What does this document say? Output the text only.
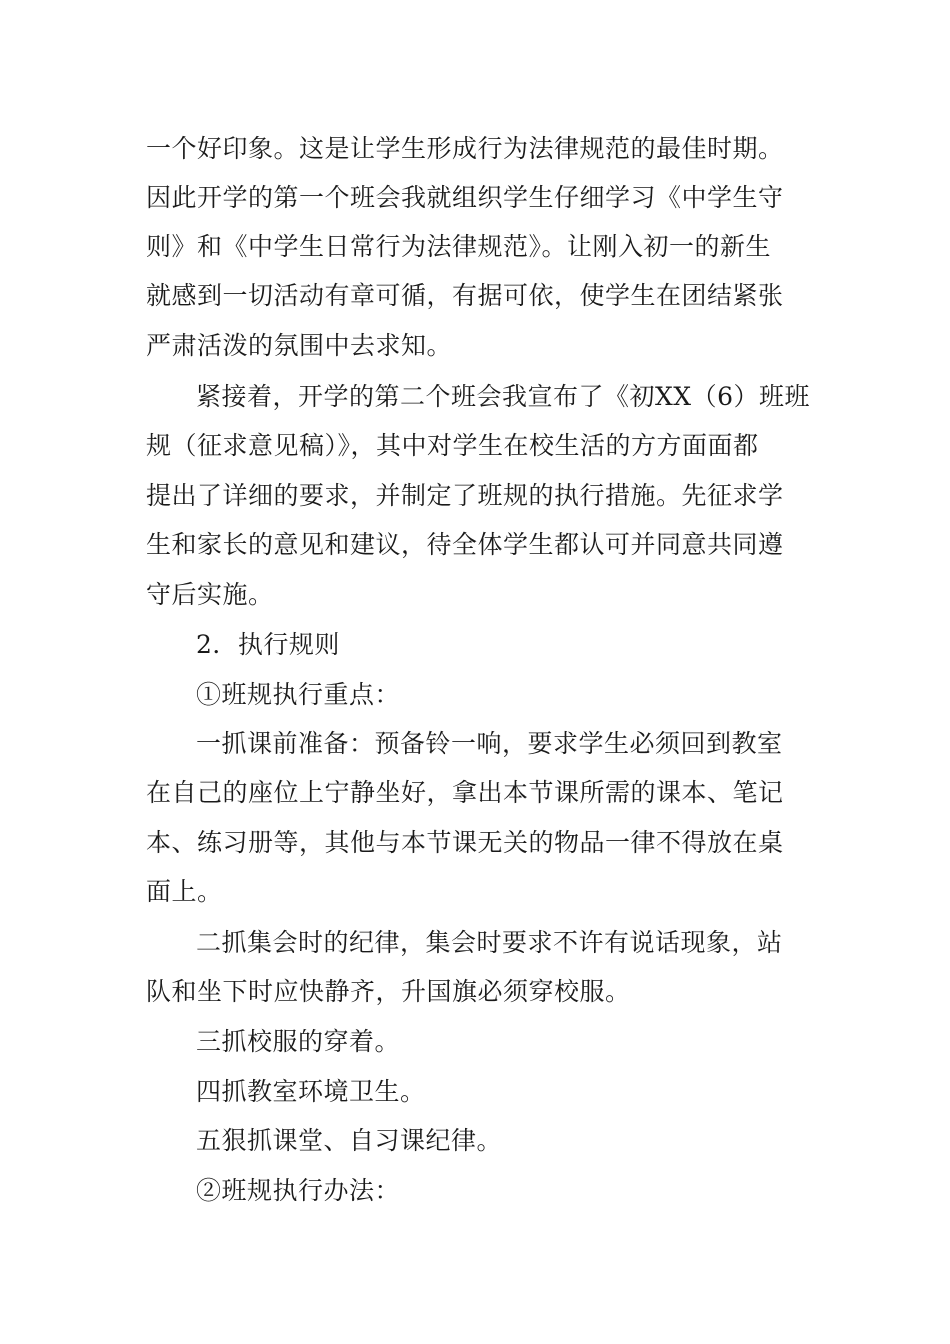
一个好印象。这是让学生形成行为法律规范的最佳时期。
因此开学的第一个班会我就组织学生仔细学习《中学生守
则》和《中学生日常行为法律规范》。让刚入初一的新生
就感到一切活动有章可循，有据可依，使学生在团结紧张
严肃活泼的氛围中去求知。
紧接着，开学的第二个班会我宣布了《初XX（6）班班
规（征求意见稿）》，其中对学生在校生活的方方面面都
提出了详细的要求，并制定了班规的执行措施。先征求学
生和家长的意见和建议，待全体学生都认可并同意共同遵
守后实施。
2．执行规则
①班规执行重点：
一抓课前准备：预备铃一响，要求学生必须回到教室
在自己的座位上宁静坐好，拿出本节课所需的课本、笔记
本、练习册等，其他与本节课无关的物品一律不得放在桌
面上。
二抓集会时的纪律，集会时要求不许有说话现象，站
队和坐下时应快静齐，升国旗必须穿校服。
三抓校服的穿着。
四抓教室环境卫生。
五狠抓课堂、自习课纪律。
②班规执行办法：
